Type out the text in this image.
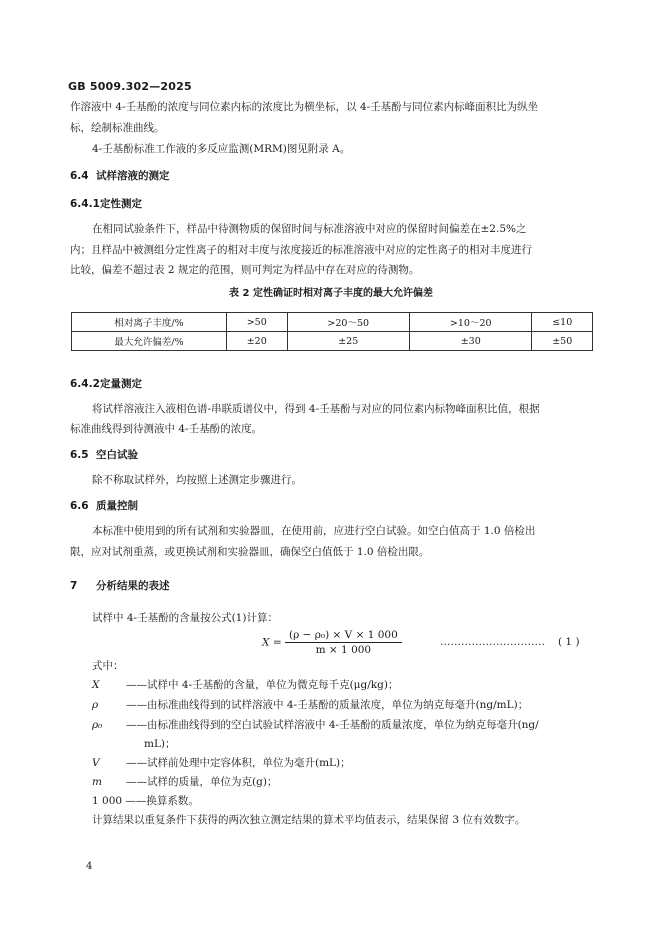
GB 5009.302—2025
作溶液中 4-壬基酚的浓度与同位素内标的浓度比为横坐标，以 4-壬基酚与同位素内标峰面积比为纵坐
标，绘制标准曲线。
4-壬基酚标准工作液的多反应监测(MRM)图见附录 A。
6.4 试样溶液的测定
6.4.1定性测定
在相同试验条件下，样品中待测物质的保留时间与标准溶液中对应的保留时间偏差在±2.5%之
内；且样品中被测组分定性离子的相对丰度与浓度接近的标准溶液中对应的定性离子的相对丰度进行
比较，偏差不超过表 2 规定的范围，则可判定为样品中存在对应的待测物。
表 2 定性确证时相对离子丰度的最大允许偏差
相对离子丰度/%	>50	>20～50	>10～20	≤10
最大允许偏差/%	±20	±25	±30	±50
6.4.2定量测定
将试样溶液注入液相色谱-串联质谱仪中，得到 4-壬基酚与对应的同位素内标物峰面积比值，根据
标准曲线得到待测液中 4-壬基酚的浓度。
6.5 空白试验
除不称取试样外，均按照上述测定步骤进行。
6.6 质量控制
本标准中使用到的所有试剂和实验器皿，在使用前，应进行空白试验。如空白值高于 1.0 倍检出
限，应对试剂重蒸，或更换试剂和实验器皿，确保空白值低于 1.0 倍检出限。
7 分析结果的表述
试样中 4-壬基酚的含量按公式(1)计算：
$X = \frac{\text{(ρ − ρ₀) × V × 1 000}}{m \times 1 000}$	………………………… ( 1 )
式中：
X	——试样中 4-壬基酚的含量，单位为微克每千克(μg/kg)；
ρ	——由标准曲线得到的试样溶液中 4-壬基酚的质量浓度，单位为纳克每毫升(ng/mL)；
ρ₀ ——由标准曲线得到的空白试验试样溶液中 4-壬基酚的质量浓度，单位为纳克每毫升(ng/
mL)；
V	——试样前处理中定容体积，单位为毫升(mL)；
m ——试样的质量，单位为克(g)；
1 000 ——换算系数。
计算结果以重复条件下获得的两次独立测定结果的算术平均值表示，结果保留 3 位有效数字。
4
